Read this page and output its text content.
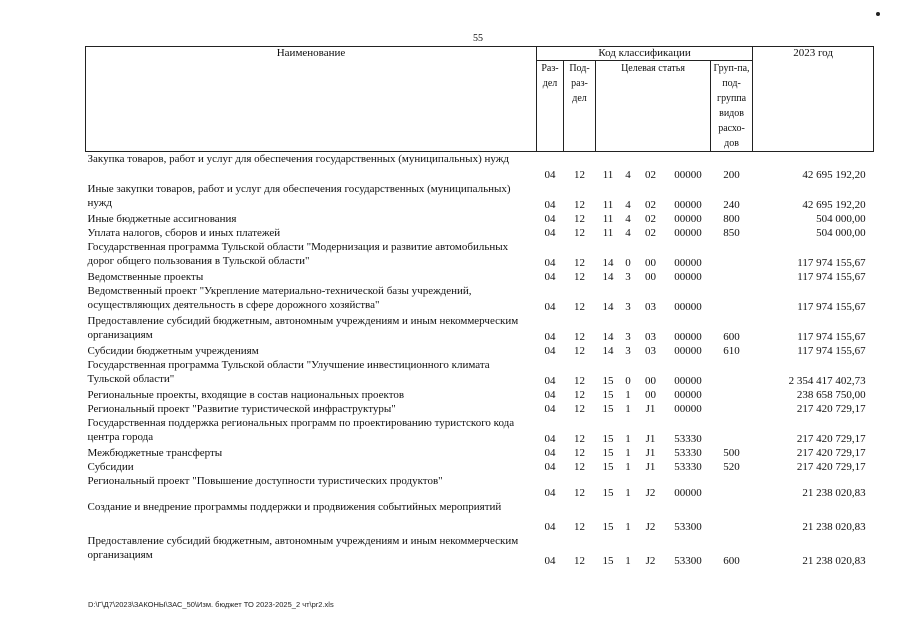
55
Наименование	Код классификации							2023 год
	Раз-дел	Под-раз-дел	Целевая статья				Груп-па, под-группа видов расхо-дов	
Закупка товаров, работ и услуг для обеспечения государственных (муниципальных) нужд	04	12	11	4	02	00000	200	42 695 192,20
Иные закупки товаров, работ и услуг для обеспечения государственных (муниципальных) нужд	04	12	11	4	02	00000	240	42 695 192,20
Иные бюджетные ассигнования	04	12	11	4	02	00000	800	504 000,00
Уплата налогов, сборов и иных платежей	04	12	11	4	02	00000	850	504 000,00
Государственная программа Тульской области "Модернизация и развитие автомобильных дорог общего пользования в Тульской области"	04	12	14	0	00	00000		117 974 155,67
Ведомственные проекты	04	12	14	3	00	00000		117 974 155,67
Ведомственный проект "Укрепление материально-технической базы учреждений, осуществляющих деятельность в сфере дорожного хозяйства"	04	12	14	3	03	00000		117 974 155,67
Предоставление субсидий бюджетным, автономным учреждениям и иным некоммерческим организациям	04	12	14	3	03	00000	600	117 974 155,67
Субсидии бюджетным учреждениям	04	12	14	3	03	00000	610	117 974 155,67
Государственная программа Тульской области "Улучшение инвестиционного климата Тульской области"	04	12	15	0	00	00000		2 354 417 402,73
Региональные проекты, входящие в состав национальных проектов	04	12	15	1	00	00000		238 658 750,00
Региональный проект "Развитие туристической инфраструктуры"	04	12	15	1	J1	00000		217 420 729,17
Государственная поддержка региональных программ по проектированию туристского кода центра города	04	12	15	1	J1	53330		217 420 729,17
Межбюджетные трансферты	04	12	15	1	J1	53330	500	217 420 729,17
Субсидии	04	12	15	1	J1	53330	520	217 420 729,17
Региональный проект "Повышение доступности туристических продуктов"	04	12	15	1	J2	00000		21 238 020,83
Создание и внедрение программы поддержки и продвижения событийных мероприятий	04	12	15	1	J2	53300		21 238 020,83
Предоставление субсидий бюджетным, автономным учреждениям и иным некоммерческим организациям	04	12	15	1	J2	53300	600	21 238 020,83
D:\Г\Д7\2023\ЗАКОНЫ\ЗАС_50\Изм. бюджет ТО 2023-2025_2 чт\pr2.xls
